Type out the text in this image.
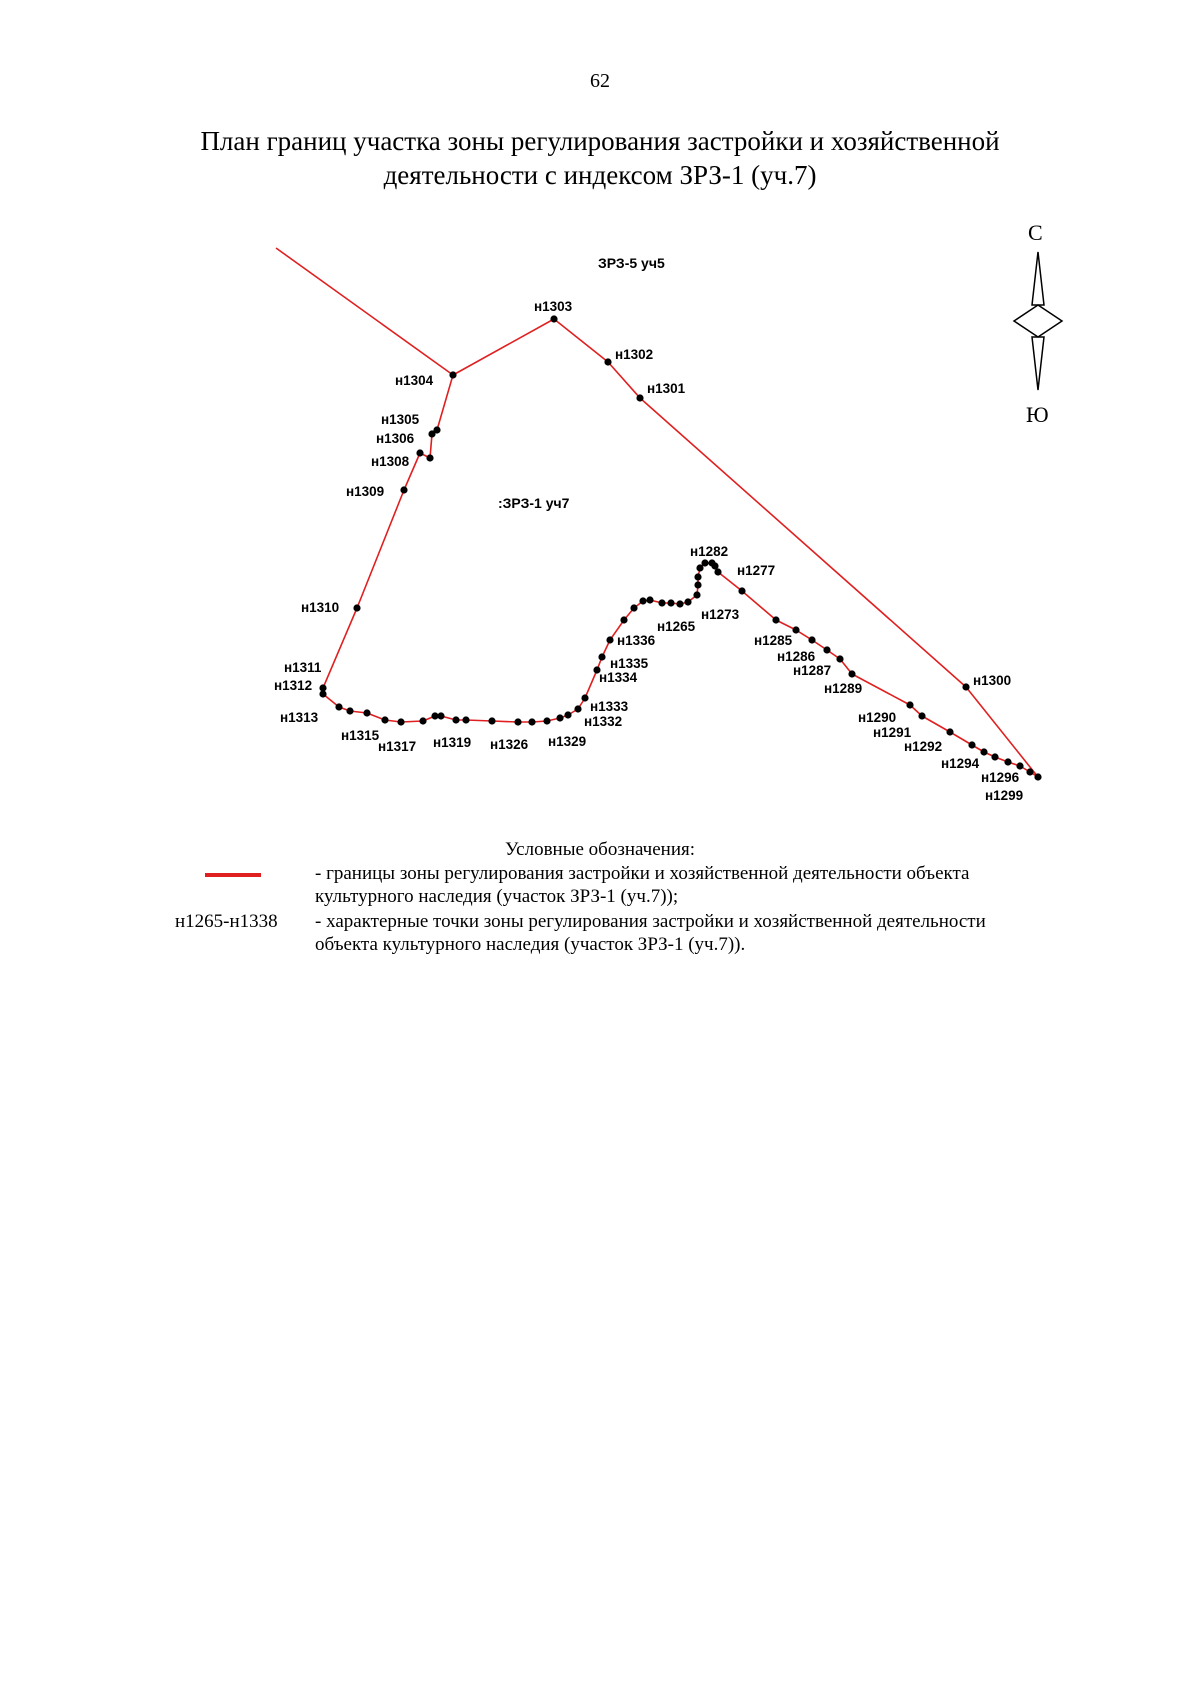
62
План границ участка зоны регулирования застройки и хозяйственной
деятельности с индексом ЗРЗ-1 (уч.7)
н1303
н1302
н1301
н1304
н1305
н1306
н1308
н1309
н1310
н1311
н1312
н1313
н1315
н1317 н1319 н1326 н1329
н1332
н1333
н1334
н1335
н1336
н1265
н1273
н1282
н1277
н1285
н1286
н1287
н1289
н1290
н1291
н1292
н1294
н1296
н1299
н1300
ЗРЗ-5 уч5
:ЗРЗ-1 уч7
С
Ю
Условные обозначения:
- границы зоны регулирования застройки и хозяйственной деятельности объекта
культурного наследия (участок ЗРЗ-1 (уч.7));
н1265-н1338	- характерные точки зоны регулирования застройки и хозяйственной деятельности
объекта культурного наследия (участок ЗРЗ-1 (уч.7)).
